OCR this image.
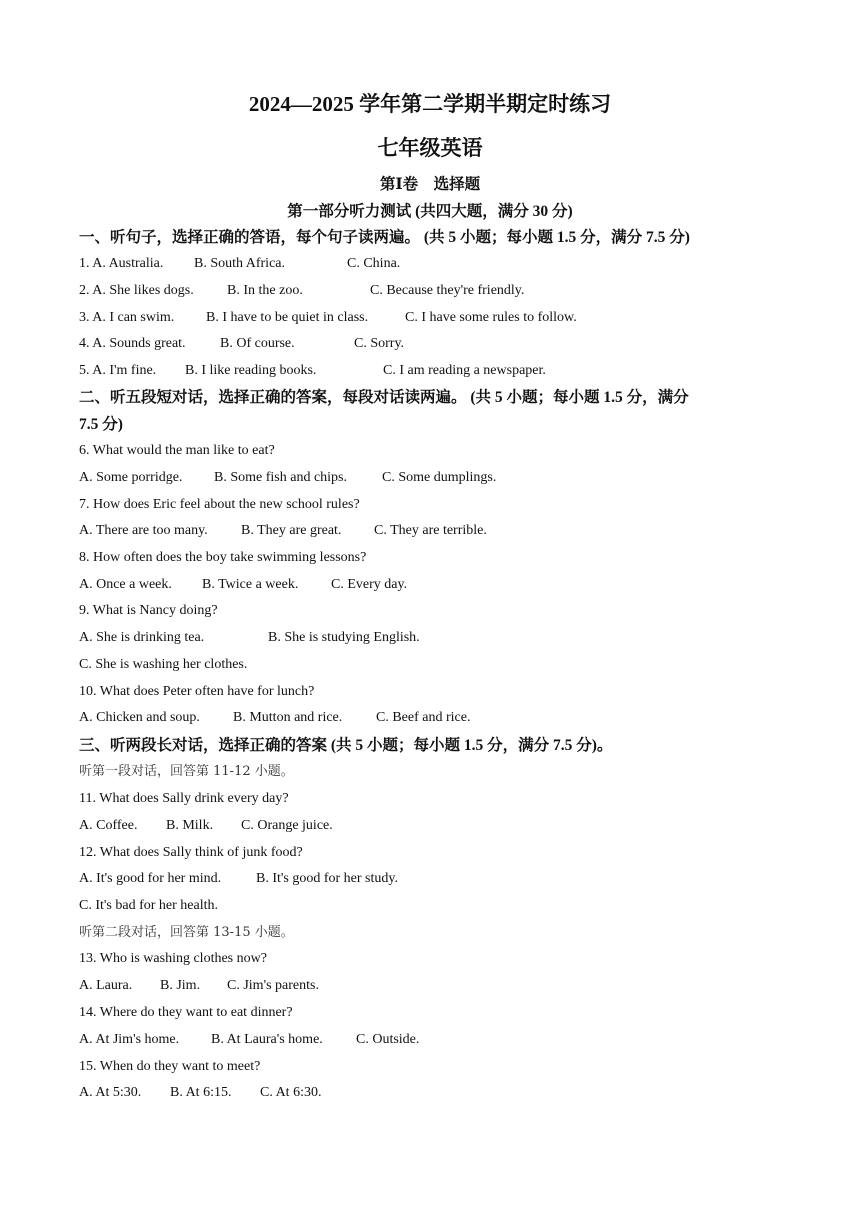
2024—2025 学年第二学期半期定时练习
七年级英语
第Ⅰ卷　选择题
第一部分听力测试 (共四大题，满分 30 分)
一、听句子，选择正确的答语，每个句子读两遍。 (共 5 小题；每小题 1.5 分，满分 7.5 分)
1. A. Australia. B. South Africa.	C. China.
2. A. She likes dogs. B. In the zoo.	C. Because they're friendly.
3. A. I can swim. B. I have to be quiet in class.	C. I have some rules to follow.
4. A. Sounds great. B. Of course.	C. Sorry.
5. A. I'm fine. B. I like reading books.	C. I am reading a newspaper.
二、听五段短对话，选择正确的答案，每段对话读两遍。 (共 5 小题；每小题 1.5 分，满分
7.5 分)
6. What would the man like to eat?
A. Some porridge. B. Some fish and chips.	C. Some dumplings.
7. How does Eric feel about the new school rules?
A. There are too many. B. They are great. C. They are terrible.
8. How often does the boy take swimming lessons?
A. Once a week. B. Twice a week. C. Every day.
9. What is Nancy doing?
A. She is drinking tea.	B. She is studying English.
C. She is washing her clothes.
10. What does Peter often have for lunch?
A. Chicken and soup. B. Mutton and rice. C. Beef and rice.
三、听两段长对话，选择正确的答案 (共 5 小题；每小题 1.5 分，满分 7.5 分)。
听第一段对话，回答第 11-12 小题。
11. What does Sally drink every day?
A. Coffee. B. Milk. C. Orange juice.
12. What does Sally think of junk food?
A. It's good for her mind. B. It's good for her study.
C. It's bad for her health.
听第二段对话，回答第 13-15 小题。
13. Who is washing clothes now?
A. Laura. B. Jim. C. Jim's parents.
14. Where do they want to eat dinner?
A. At Jim's home. B. At Laura's home. C. Outside.
15. When do they want to meet?
A. At 5:30. B. At 6:15. C. At 6:30.
